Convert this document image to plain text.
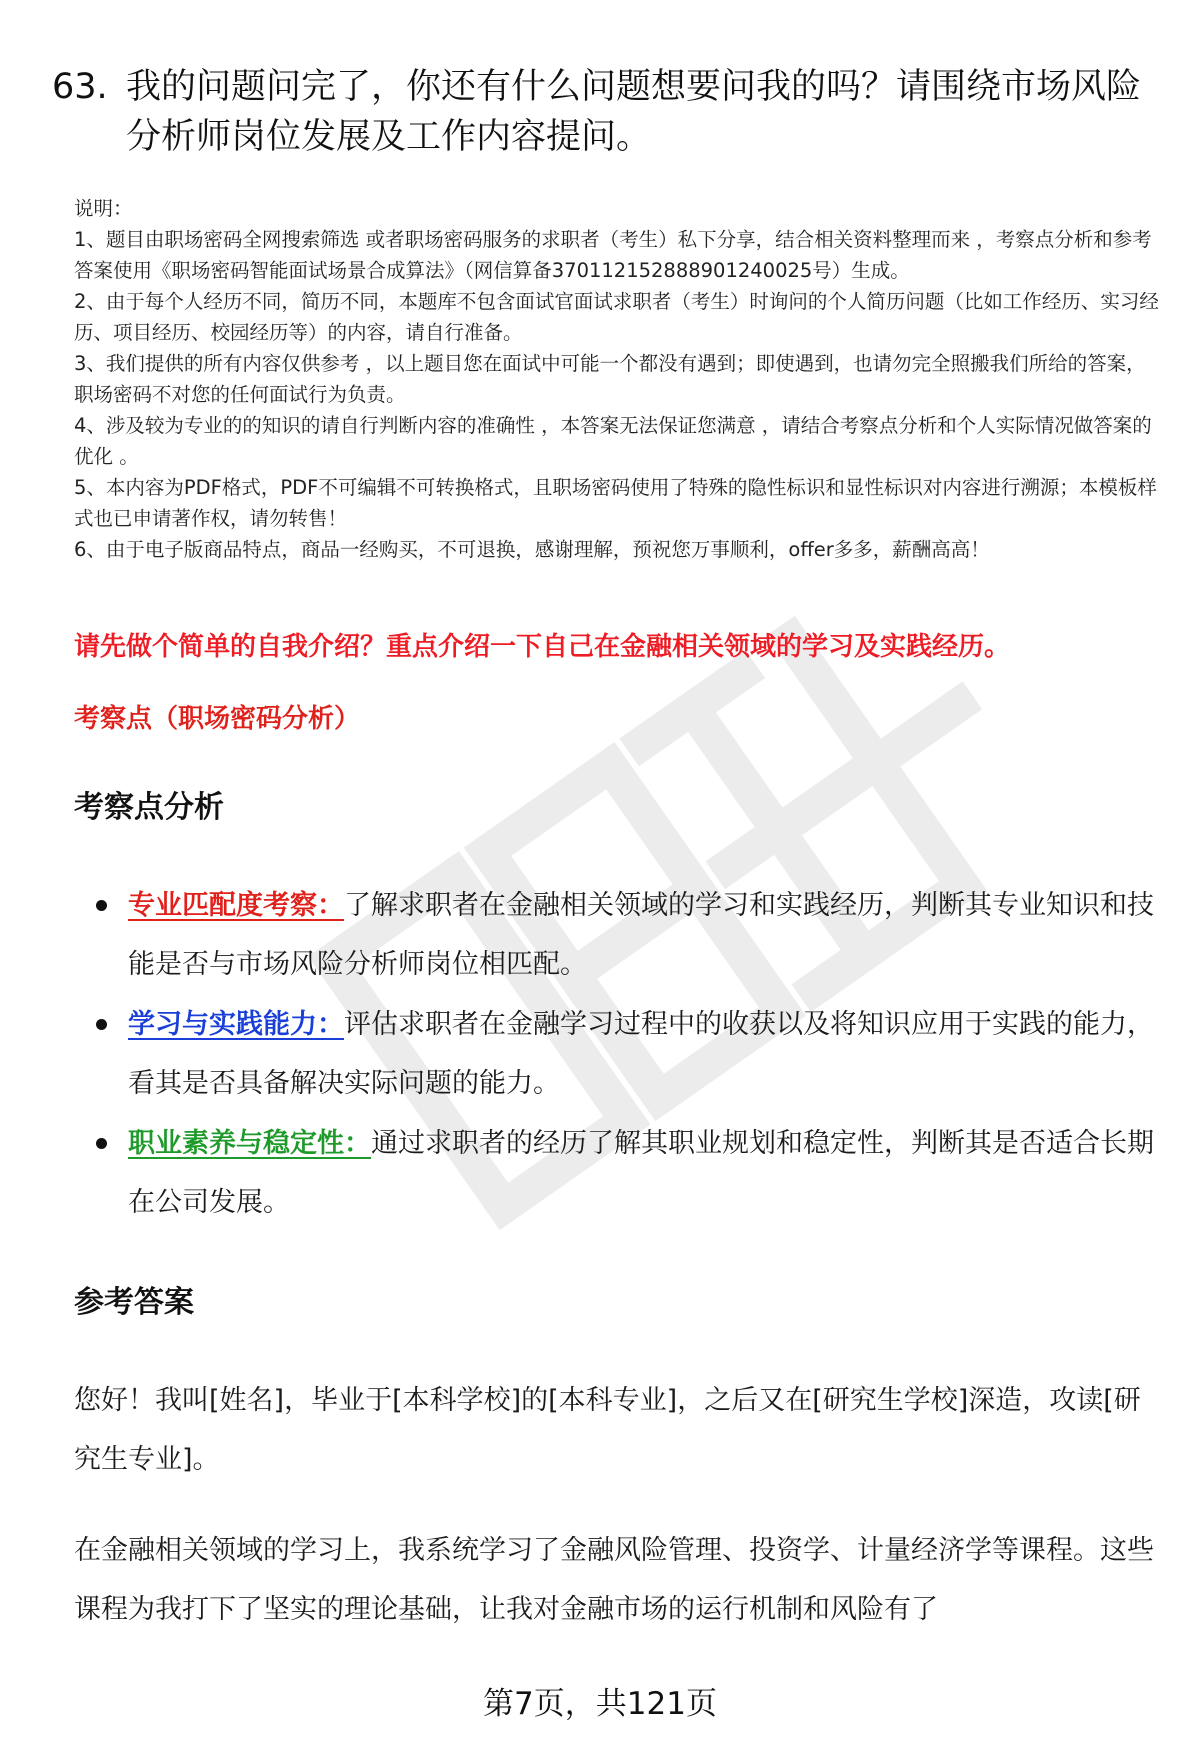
63. 我的问题问完了，你还有什么问题想要问我的吗？请围绕市场风险分析师岗位发展及工作内容提问。

说明：

1、题目由职场密码全网搜索筛选 或者职场密码服务的求职者（考生）私下分享，结合相关资料整理而来 ，考察点分析和参考答案使用《职场密码智能面试场景合成算法》（网信算备370112152888901240025号）生成。

2、由于每个人经历不同，简历不同，本题库不包含面试官面试求职者（考生）时询问的个人简历问题（比如工作经历、实习经历、项目经历、校园经历等）的内容，请自行准备。

3、我们提供的所有内容仅供参考 ，以上题目您在面试中可能一个都没有遇到；即使遇到，也请勿完全照搬我们所给的答案，职场密码不对您的任何面试行为负责。

4、涉及较为专业的的知识的请自行判断内容的准确性 ，本答案无法保证您满意 ，请结合考察点分析和个人实际情况做答案的优化 。

5、本内容为PDF格式，PDF不可编辑不可转换格式，且职场密码使用了特殊的隐性标识和显性标识对内容进行溯源；本模板样式也已申请著作权，请勿转售！

6、由于电子版商品特点，商品一经购买，不可退换，感谢理解，预祝您万事顺利，offer多多，薪酬高高！

请先做个简单的自我介绍？重点介绍一下自己在金融相关领域的学习及实践经历。
考察点（职场密码分析）
考察点分析
专业匹配度考察：了解求职者在金融相关领域的学习和实践经历，判断其专业知识和技能是否与市场风险分析师岗位相匹配。
学习与实践能力：评估求职者在金融学习过程中的收获以及将知识应用于实践的能力，看其是否具备解决实际问题的能力。
职业素养与稳定性：通过求职者的经历了解其职业规划和稳定性，判断其是否适合长期在公司发展。
参考答案

您好！我叫[姓名]，毕业于[本科学校]的[本科专业]，之后又在[研究生学校]深造，攻读[研究生专业]。

在金融相关领域的学习上，我系统学习了金融风险管理、投资学、计量经济学等课程。这些课程为我打下了坚实的理论基础，让我对金融市场的运行机制和风险有了

第7页，共121页
